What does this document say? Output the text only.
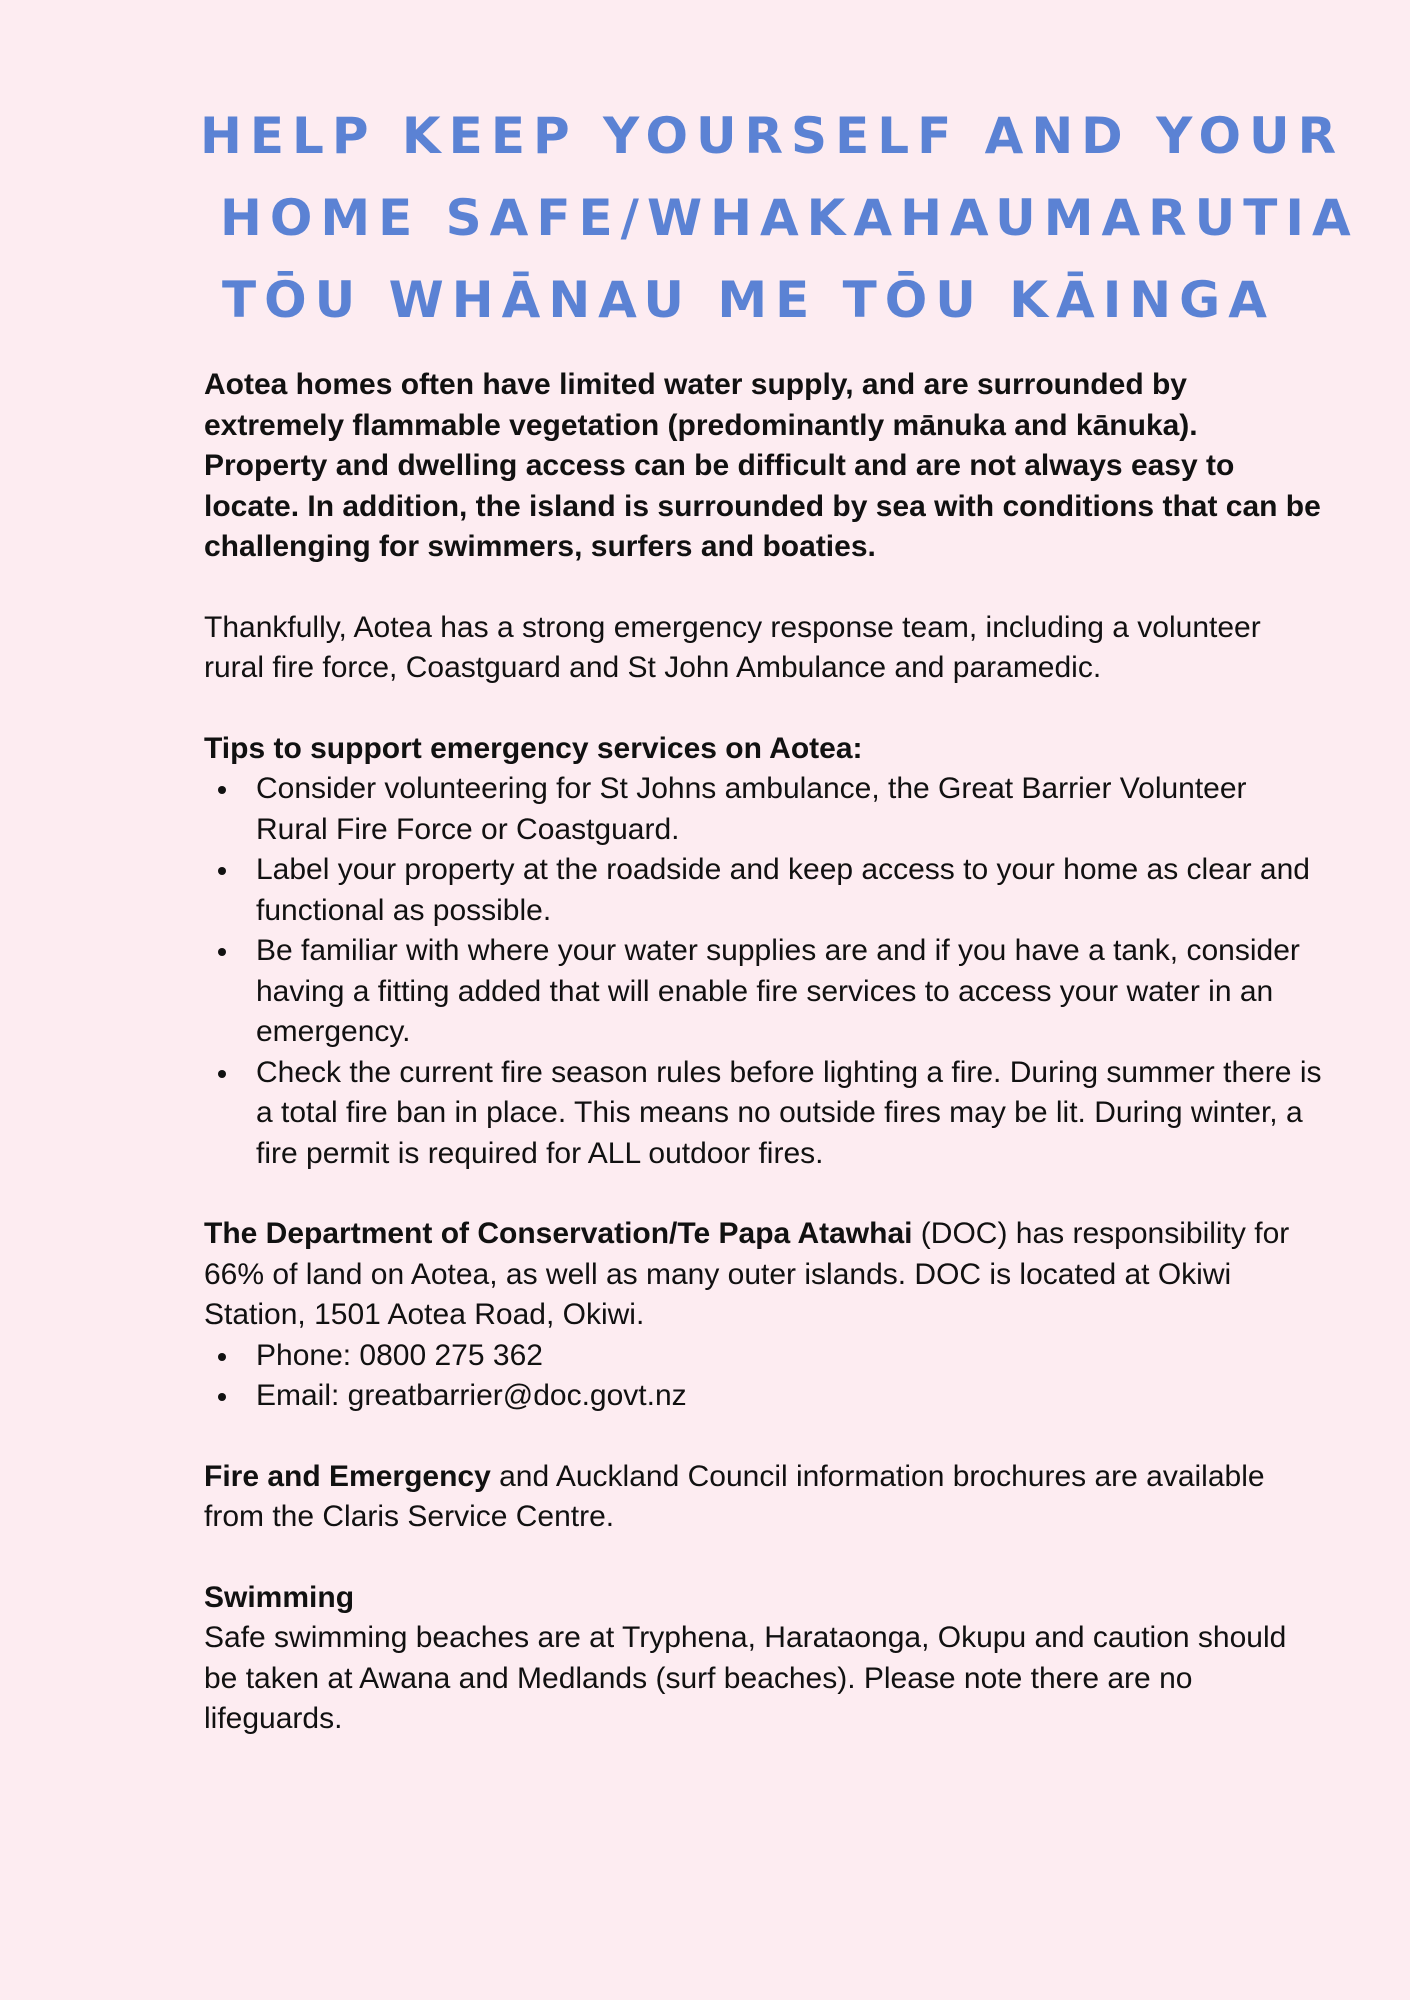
HELP KEEP YOURSELF AND YOUR
HOME SAFE/WHAKAHAUMARUTIA
TŌU WHĀNAU ME TŌU KĀINGA

Aotea homes often have limited water supply, and are surrounded by extremely flammable vegetation (predominantly mānuka and kānuka). Property and dwelling access can be difficult and are not always easy to locate. In addition, the island is surrounded by sea with conditions that can be challenging for swimmers, surfers and boaties.

Thankfully, Aotea has a strong emergency response team, including a volunteer rural fire force, Coastguard and St John Ambulance and paramedic.

Tips to support emergency services on Aotea:

Consider volunteering for St Johns ambulance, the Great Barrier Volunteer Rural Fire Force or Coastguard.
Label your property at the roadside and keep access to your home as clear and functional as possible.
Be familiar with where your water supplies are and if you have a tank, consider having a fitting added that will enable fire services to access your water in an emergency.
Check the current fire season rules before lighting a fire. During summer there is a total fire ban in place. This means no outside fires may be lit. During winter, a fire permit is required for ALL outdoor fires.

The Department of Conservation/Te Papa Atawhai (DOC) has responsibility for 66% of land on Aotea, as well as many outer islands. DOC is located at Okiwi Station, 1501 Aotea Road, Okiwi.

Phone: 0800 275 362
Email: greatbarrier@doc.govt.nz

Fire and Emergency and Auckland Council information brochures are available from the Claris Service Centre.

Swimming

Safe swimming beaches are at Tryphena, Harataonga, Okupu and caution should be taken at Awana and Medlands (surf beaches). Please note there are no lifeguards.
